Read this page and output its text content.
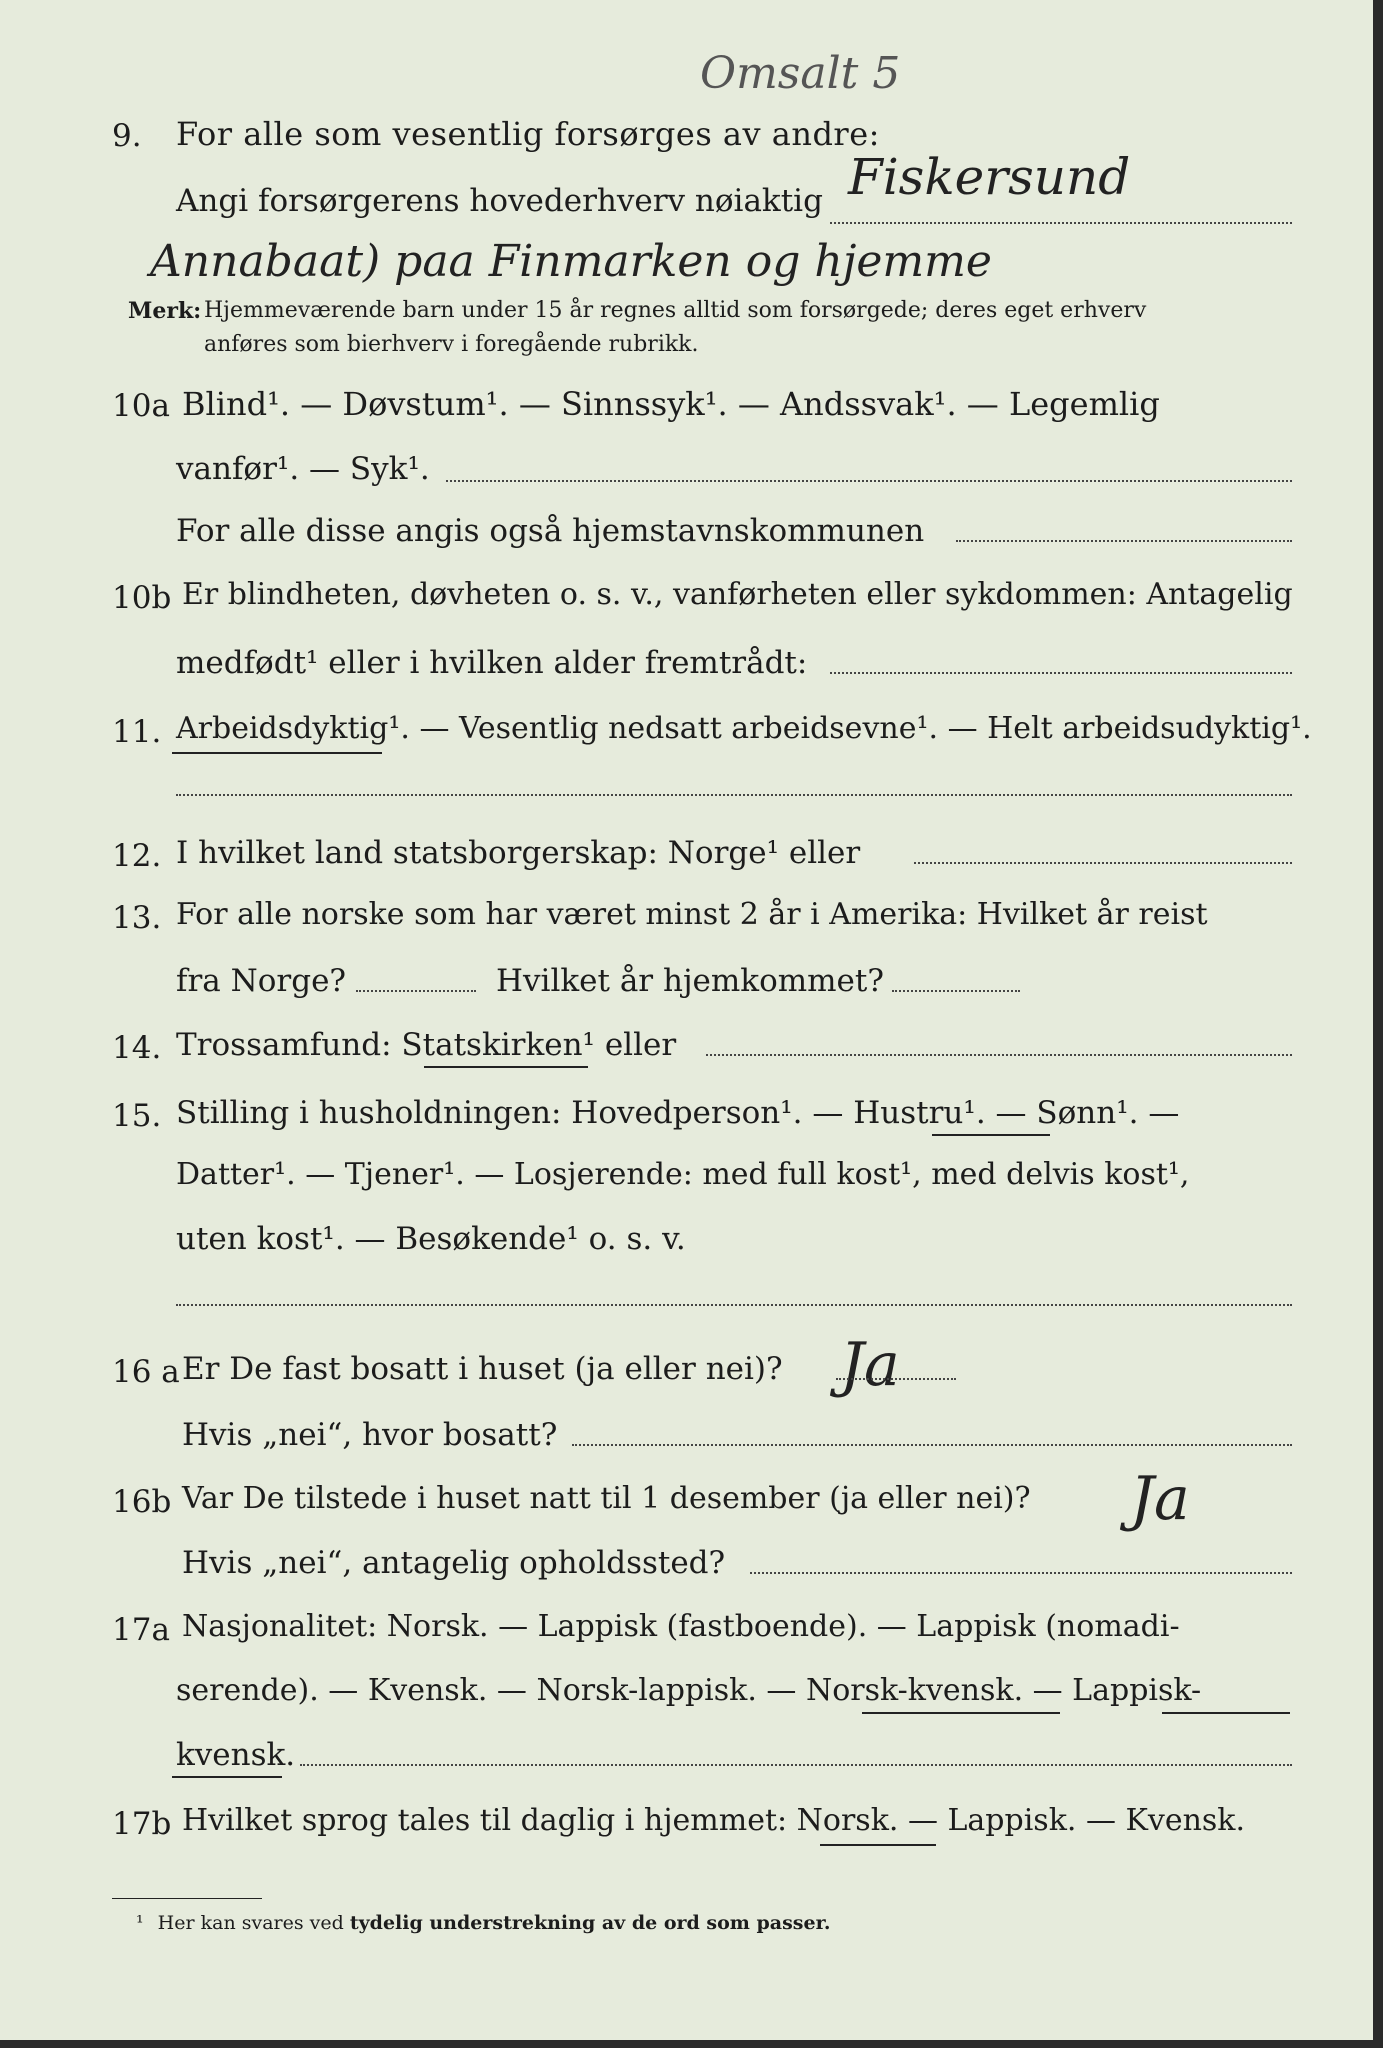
Omsalt 5
9. For alle som vesentlig forsørges av andre:
Angi forsørgerens hovederhverv nøiaktig Fiskersund
Annabaat) paa Finmarken og hjemme
Merk: Hjemmeværende barn under 15 år regnes alltid som forsørgede; deres eget erhverv
anføres som bierhverv i foregående rubrikk.
10a Blind¹. — Døvstum¹. — Sinnssyk¹. — Andssvak¹. — Legemlig
vanfør¹. — Syk¹.
For alle disse angis også hjemstavnskommunen
10b Er blindheten, døvheten o. s. v., vanførheten eller sykdommen: Antagelig
medfødt¹ eller i hvilken alder fremtrådt:
11. Arbeidsdyktig¹. — Vesentlig nedsatt arbeidsevne¹. — Helt arbeidsudyktig¹.
12. I hvilket land statsborgerskap: Norge¹ eller
13. For alle norske som har været minst 2 år i Amerika: Hvilket år reist
fra Norge?	Hvilket år hjemkommet?
14. Trossamfund: Statskirken¹ eller
15. Stilling i husholdningen: Hovedperson¹. — Hustru¹. — Sønn¹. —
Datter¹. — Tjener¹. — Losjerende: med full kost¹, med delvis kost¹,
uten kost¹. — Besøkende¹ o. s. v.
16 a Er De fast bosatt i huset (ja eller nei)? Ja
Hvis „nei“, hvor bosatt?
16b Var De tilstede i huset natt til 1 desember (ja eller nei)? Ja
Hvis „nei“, antagelig opholdssted?
17a Nasjonalitet: Norsk. — Lappisk (fastboende). — Lappisk (nomadi-
serende). — Kvensk. — Norsk-lappisk. — Norsk-kvensk. — Lappisk-
kvensk.
17b Hvilket sprog tales til daglig i hjemmet: Norsk. — Lappisk. — Kvensk.
¹ Her kan svares ved tydelig understrekning av de ord som passer.
